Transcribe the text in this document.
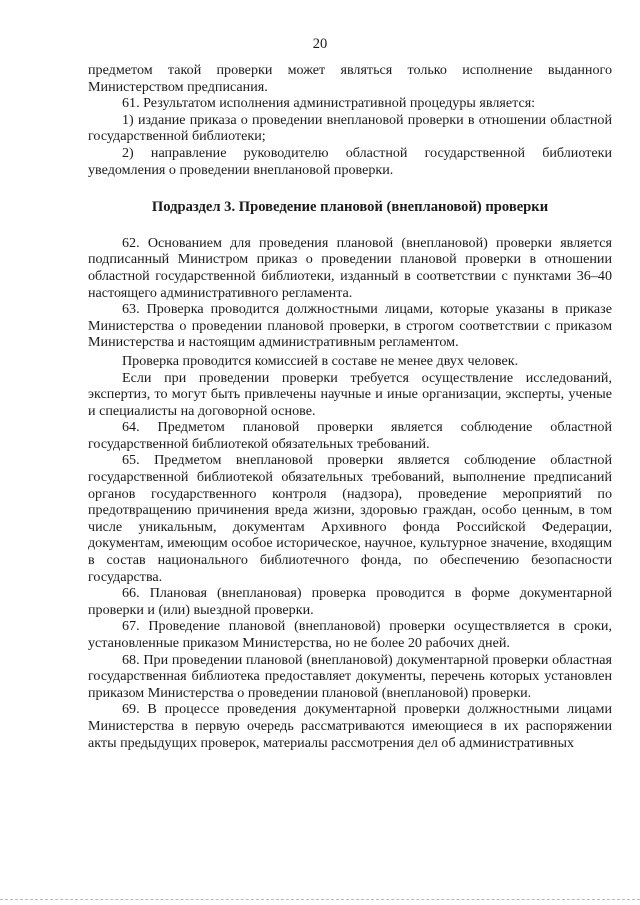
20

предметом такой проверки может являться только исполнение выданного Министерством предписания.

61. Результатом исполнения административной процедуры является:

1) издание приказа о проведении внеплановой проверки в отношении областной государственной библиотеки;

2) направление руководителю областной государственной библиотеки уведомления о проведении внеплановой проверки.

Подраздел 3. Проведение плановой (внеплановой) проверки

62. Основанием для проведения плановой (внеплановой) проверки является подписанный Министром приказ о проведении плановой проверки в отношении областной государственной библиотеки, изданный в соответствии с пунктами 36–40 настоящего административного регламента.

63. Проверка проводится должностными лицами, которые указаны в приказе Министерства о проведении плановой проверки, в строгом соответствии с приказом Министерства и настоящим административным регламентом.

Проверка проводится комиссией в составе не менее двух человек.

Если при проведении проверки требуется осуществление исследований, экспертиз, то могут быть привлечены научные и иные организации, эксперты, ученые и специалисты на договорной основе.

64. Предметом плановой проверки является соблюдение областной государственной библиотекой обязательных требований.

65. Предметом внеплановой проверки является соблюдение областной государственной библиотекой обязательных требований, выполнение предписаний органов государственного контроля (надзора), проведение мероприятий по предотвращению причинения вреда жизни, здоровью граждан, особо ценным, в том числе уникальным, документам Архивного фонда Российской Федерации, документам, имеющим особое историческое, научное, культурное значение, входящим в состав национального библиотечного фонда, по обеспечению безопасности государства.

66. Плановая (внеплановая) проверка проводится в форме документарной проверки и (или) выездной проверки.

67. Проведение плановой (внеплановой) проверки осуществляется в сроки, установленные приказом Министерства, но не более 20 рабочих дней.

68. При проведении плановой (внеплановой) документарной проверки областная государственная библиотека предоставляет документы, перечень которых установлен приказом Министерства о проведении плановой (внеплановой) проверки.

69. В процессе проведения документарной проверки должностными лицами Министерства в первую очередь рассматриваются имеющиеся в их распоряжении акты предыдущих проверок, материалы рассмотрения дел об административных
